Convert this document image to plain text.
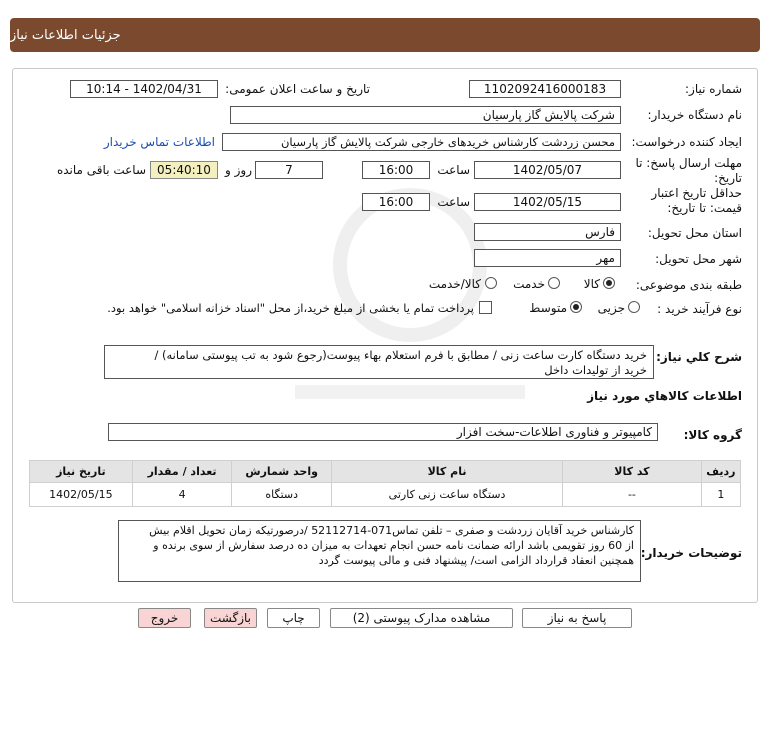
جزئیات اطلاعات نیاز
شماره نیاز:
1102092416000183
تاریخ و ساعت اعلان عمومی:
1402/04/31 - 10:14
نام دستگاه خریدار:
شرکت پالایش گاز پارسیان
ایجاد کننده درخواست:
محسن زردشت کارشناس خریدهای خارجی شرکت پالایش گاز پارسیان
اطلاعات تماس خریدار
مهلت ارسال پاسخ: تا
تاریخ:
1402/05/07
ساعت
16:00
7
روز و
05:40:10
ساعت باقی مانده
حداقل تاریخ اعتبار
قیمت: تا تاریخ:
1402/05/15
ساعت
16:00
استان محل تحویل:
فارس
شهر محل تحویل:
مهر
طبقه بندی موضوعی:
کالا
خدمت
کالا/خدمت
نوع فرآیند خرید :
جزیی
متوسط
پرداخت تمام یا بخشی از مبلغ خرید،از محل "اسناد خزانه اسلامی" خواهد بود.
شرح کلي نياز:
خرید دستگاه کارت ساعت زنی / مطابق با فرم استعلام بهاء پیوست(رجوع شود به تب پیوستی سامانه) /
خرید از تولیدات داخل
اطلاعات کالاهاي مورد نياز
گروه کالا:
کامپیوتر و فناوری اطلاعات-سخت افزار
ردیف	کد کالا	نام کالا	واحد شمارش	تعداد / مقدار	تاریخ نیاز
1	--	دستگاه ساعت زنی کارتی	دستگاه	4	1402/05/15
توضیحات خریدار:
کارشناس خرید آقایان زردشت و صفری – تلفن تماس071-52112714 /درصورتیکه زمان تحویل اقلام بیش
از 60 روز تقویمی باشد ارائه ضمانت نامه حسن انجام تعهدات به میزان ده درصد سفارش از سوی برنده و
همچنین انعقاد قرارداد الزامی است/ پیشنهاد فنی و مالی پیوست گردد
پاسخ به نیاز
مشاهده مدارک پیوستی (2)
چاپ
بازگشت
خروج
